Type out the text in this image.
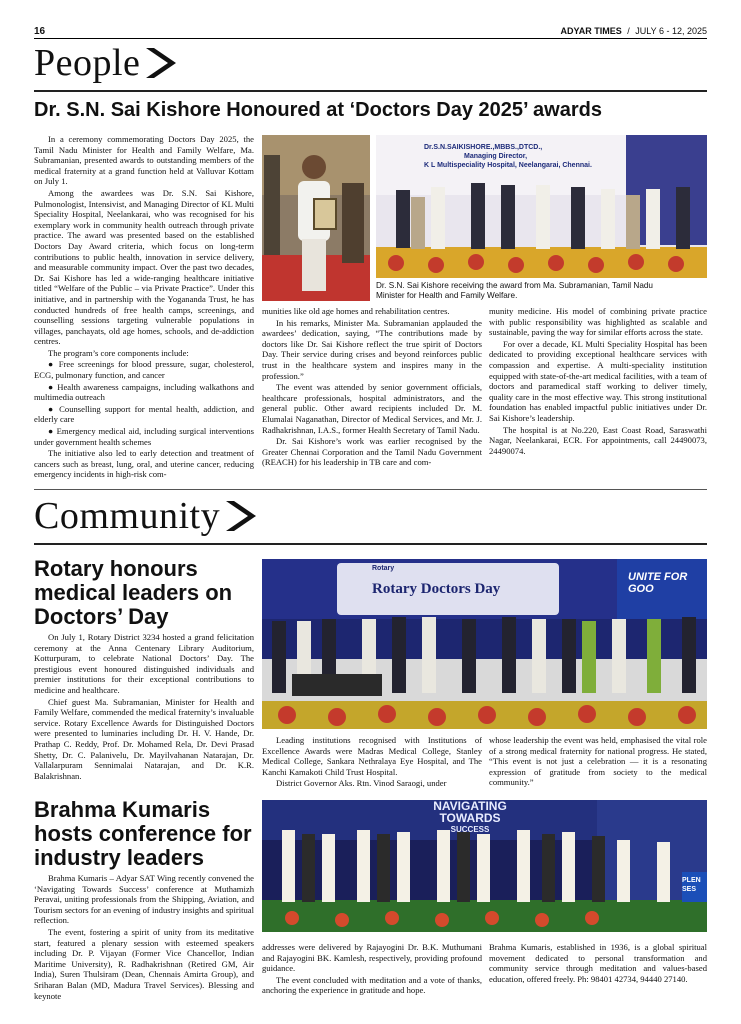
16	ADYAR TIMES / JULY 6 - 12, 2025
People
Dr. S.N. Sai Kishore Honoured at ‘Doctors Day 2025’ awards

In a ceremony commemorating Doctors Day 2025, the Tamil Nadu Minister for Health and Family Welfare, Ma. Subramanian, presented awards to outstanding members of the medical fraternity at a grand function held at Valluvar Kottam on July 1.

Among the awardees was Dr. S.N. Sai Kishore, Pulmonologist, Intensivist, and Managing Director of KL Multi Speciality Hospital, Neelankarai, who was recognised for his exemplary work in community health outreach through private practice. The award was presented based on the established Doctors Day Award criteria, which focus on long-term contributions to public health, innovation in service delivery, and measurable community impact. Over the past two decades, Dr. Sai Kishore has led a wide-ranging healthcare initiative titled “Welfare of the Public – via Private Practice”. Under this initiative, and in partnership with the Yogananda Trust, he has conducted hundreds of free health camps, screenings, and counselling sessions targeting vulnerable populations in villages, panchayats, old age homes, schools, and de-addiction centres.

The program’s core components include:

● Free screenings for blood pressure, sugar, cholesterol, ECG, pulmonary function, and cancer

● Health awareness campaigns, including walkathons and multimedia outreach

● Counselling support for mental health, addiction, and elderly care

● Emergency medical aid, including surgical interventions under government health schemes

The initiative also led to early detection and treatment of cancers such as breast, lung, oral, and uterine cancer, reducing emergency incidents in high-risk com-

Dr.S.N.SAIKISHORE.,MBBS.,DTCD.,
Managing Director,
K L Multispeciality Hospital, Neelangarai, Chennai.
Dr. S.N. Sai Kishore receiving the award from Ma. Subramanian, Tamil Nadu Minister for Health and Family Welfare.

munities like old age homes and rehabilitation centres.

In his remarks, Minister Ma. Subramanian applauded the awardees’ dedication, saying, “The contributions made by doctors like Dr. Sai Kishore reflect the true spirit of Doctors Day. Their service during crises and beyond reinforces public trust in the healthcare system and inspires many in the profession.”

The event was attended by senior government officials, healthcare professionals, hospital administrators, and the general public. Other award recipients included Dr. M. Elumalai Naganathan, Director of Medical Services, and Mr. J. Radhakrishnan, I.A.S., former Health Secretary of Tamil Nadu.

Dr. Sai Kishore’s work was earlier recognised by the Greater Chennai Corporation and the Tamil Nadu Government (REACH) for his leadership in TB care and com-

munity medicine. His model of combining private practice with public responsibility was highlighted as scalable and sustainable, paving the way for similar efforts across the state.

For over a decade, KL Multi Speciality Hospital has been dedicated to providing exceptional healthcare services with compassion and expertise. A multi-speciality institution equipped with state-of-the-art medical facilities, with a team of doctors and paramedical staff working to deliver timely, quality care in the most effective way. This strong institutional foundation has enabled impactful public initiatives under Dr. Sai Kishore’s leadership.

The hospital is at No.220, East Coast Road, Saraswathi Nagar, Neelankarai, ECR. For appointments, call 24490073, 24490074.

Community
Rotary honours medical leaders on Doctors’ Day

On July 1, Rotary District 3234 hosted a grand felicitation ceremony at the Anna Centenary Library Auditorium, Kotturpuram, to celebrate National Doctors’ Day. The prestigious event honoured distinguished individuals and premier institutions for their exceptional contributions to medicine and healthcare.

Chief guest Ma. Subramanian, Minister for Health and Family Welfare, commended the medical fraternity’s invaluable service. Rotary Excellence Awards for Distinguished Doctors were presented to luminaries including Dr. H. V. Hande, Dr. Prathap C. Reddy, Prof. Dr. Mohamed Rela, Dr. Devi Prasad Shetty, Dr. C. Palanivelu, Dr. Mayilvahanan Natarajan, Dr. Vallalarpuram Sennimalai Natarajan, and Dr. K.R. Balakrishnan.

Rotary
Rotary Doctors Day
UNITE FOR GOO

Leading institutions recognised with Institutions of Excellence Awards were Madras Medical College, Stanley Medical College, Sankara Nethralaya Eye Hospital, and The Kanchi Kamakoti Child Trust Hospital.

District Governor Aks. Rtn. Vinod Saraogi, under

whose leadership the event was held, emphasised the vital role of a strong medical fraternity for national progress. He stated, “This event is not just a celebration — it is a resonating expression of gratitude from society to the medical community.”

Brahma Kumaris hosts conference for industry leaders

Brahma Kumaris – Adyar SAT Wing recently convened the ‘Navigating Towards Success’ conference at Muthamizh Peravai, uniting professionals from the Shipping, Aviation, and Tourism sectors for an evening of industry insights and spiritual reflection.

The event, fostering a spirit of unity from its meditative start, featured a plenary session with esteemed speakers including Dr. P. Vijayan (Former Vice Chancellor, Indian Maritime University), R. Radhakrishnan (Retired GM, Air India), Suren Thulsiram (Dean, Chennais Amirta Group), and Sriharan Balan (MD, Madura Travel Services). Blessing and keynote

NAVIGATING
TOWARDS
SUCCESS
PLEN SES

addresses were delivered by Rajayogini Dr. B.K. Muthumani and Rajayogini BK. Kamlesh, respectively, providing profound guidance.

The event concluded with meditation and a vote of thanks, anchoring the experience in gratitude and hope.

Brahma Kumaris, established in 1936, is a global spiritual movement dedicated to personal transformation and community service through meditation and values-based education, offered freely. Ph: 98401 42734, 94440 27140.
